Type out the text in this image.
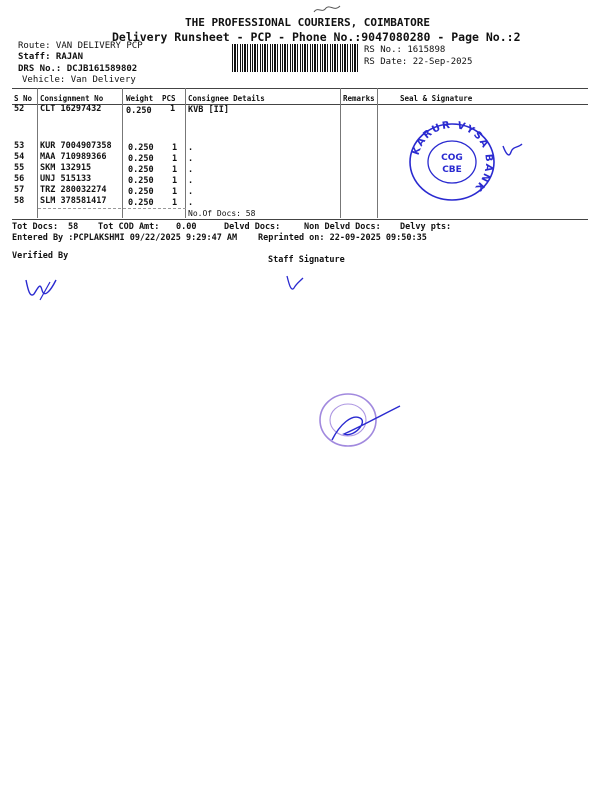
THE PROFESSIONAL COURIERS, COIMBATORE
Delivery Runsheet - PCP - Phone No.:9047080280 - Page No.:2
Route: VAN DELIVERY PCP
Staff: RAJAN
DRS No.: DCJB161589802
Vehicle: Van Delivery
RS No.: 1615898
RS Date: 22-Sep-2025
S No Consignment No	Weight PCS Consignee Details	Remarks	Seal & Signature
52 CLT 16297432	0.250 1 KVB [II]
53 KUR 7004907358 0.250 1 .
54 MAA 710989366	0.250 1 .
55 SKM 132915	0.250 1 .
56 UNJ 515133	0.250 1 .
57 TRZ 280032274	0.250 1 .
58 SLM 378581417	0.250 1 .
No.Of Docs: 58
KARUR VYSA BANK
COG
CBE
Tot Docs: 58 Tot COD Amt: 0.00	Delvd Docs:	Non Delvd Docs: Delvy pts:
Entered By :PCPLAKSHMI 09/22/2025 9:29:47 AM Reprinted on: 22-09-2025 09:50:35
Verified By	Staff Signature
